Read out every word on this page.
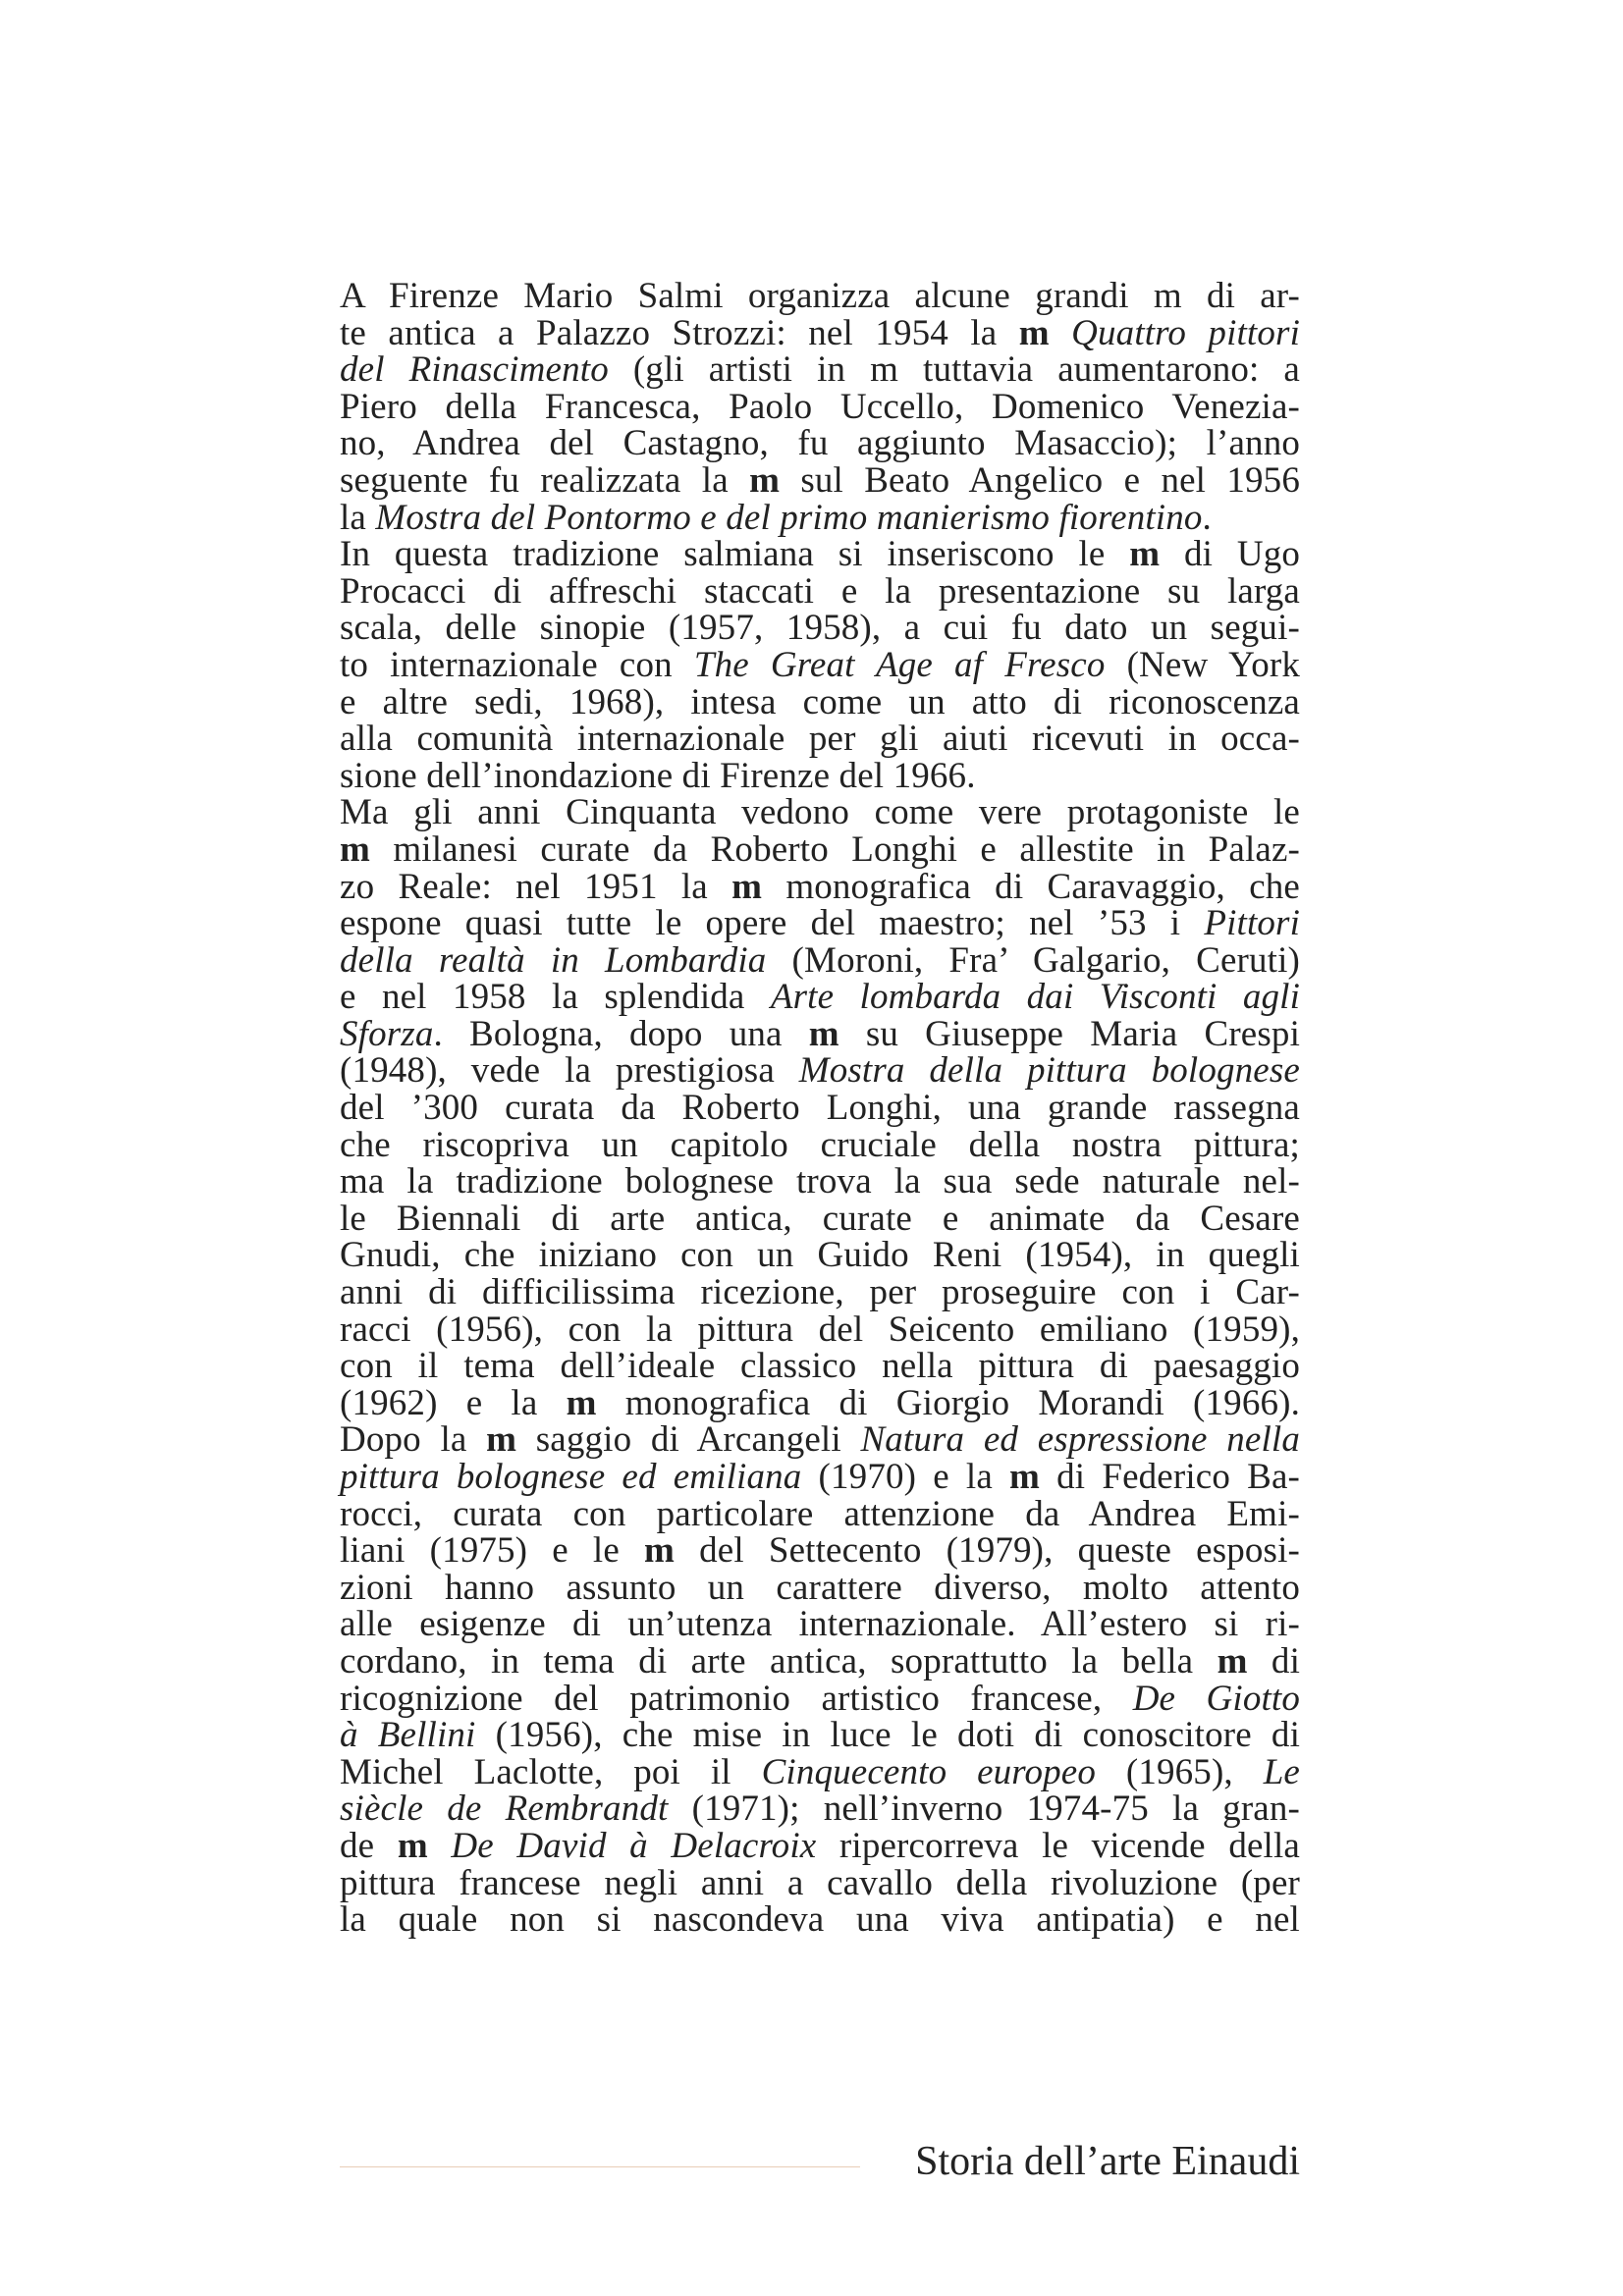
A Firenze Mario Salmi organizza alcune grandi m di ar-
te antica a Palazzo Strozzi: nel 1954 la m Quattro pittori
del Rinascimento (gli artisti in m tuttavia aumentarono: a
Piero della Francesca, Paolo Uccello, Domenico Venezia-
no, Andrea del Castagno, fu aggiunto Masaccio); l’anno
seguente fu realizzata la m sul Beato Angelico e nel 1956
la Mostra del Pontormo e del primo manierismo fiorentino.
In questa tradizione salmiana si inseriscono le m di Ugo
Procacci di affreschi staccati e la presentazione su larga
scala, delle sinopie (1957, 1958), a cui fu dato un segui-
to internazionale con The Great Age af Fresco (New York
e altre sedi, 1968), intesa come un atto di riconoscenza
alla comunità internazionale per gli aiuti ricevuti in occa-
sione dell’inondazione di Firenze del 1966.
Ma gli anni Cinquanta vedono come vere protagoniste le
m milanesi curate da Roberto Longhi e allestite in Palaz-
zo Reale: nel 1951 la m monografica di Caravaggio, che
espone quasi tutte le opere del maestro; nel ’53 i Pittori
della realtà in Lombardia (Moroni, Fra’ Galgario, Ceruti)
e nel 1958 la splendida Arte lombarda dai Visconti agli
Sforza. Bologna, dopo una m su Giuseppe Maria Crespi
(1948), vede la prestigiosa Mostra della pittura bolognese
del ’300 curata da Roberto Longhi, una grande rassegna
che riscopriva un capitolo cruciale della nostra pittura;
ma la tradizione bolognese trova la sua sede naturale nel-
le Biennali di arte antica, curate e animate da Cesare
Gnudi, che iniziano con un Guido Reni (1954), in quegli
anni di difficilissima ricezione, per proseguire con i Car-
racci (1956), con la pittura del Seicento emiliano (1959),
con il tema dell’ideale classico nella pittura di paesaggio
(1962) e la m monografica di Giorgio Morandi (1966).
Dopo la m saggio di Arcangeli Natura ed espressione nella
pittura bolognese ed emiliana (1970) e la m di Federico Ba-
rocci, curata con particolare attenzione da Andrea Emi-
liani (1975) e le m del Settecento (1979), queste esposi-
zioni hanno assunto un carattere diverso, molto attento
alle esigenze di un’utenza internazionale. All’estero si ri-
cordano, in tema di arte antica, soprattutto la bella m di
ricognizione del patrimonio artistico francese, De Giotto
à Bellini (1956), che mise in luce le doti di conoscitore di
Michel Laclotte, poi il Cinquecento europeo (1965), Le
siècle de Rembrandt (1971); nell’inverno 1974-75 la gran-
de m De David à Delacroix ripercorreva le vicende della
pittura francese negli anni a cavallo della rivoluzione (per
la quale non si nascondeva una viva antipatia) e nel
Storia dell’arte Einaudi
